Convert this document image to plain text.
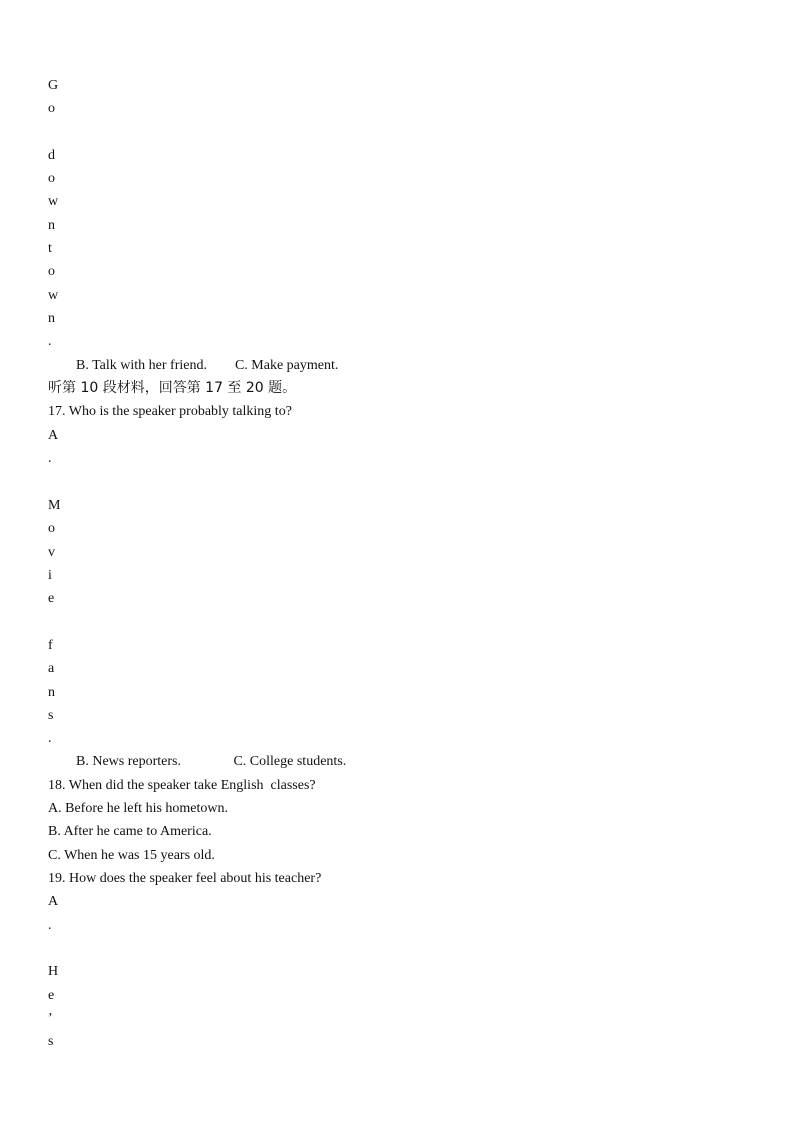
G
o
d
o
w
n
t
o
w
n
.
B. Talk with her friend.        C. Make payment.
听第 10 段材料，回答第 17 至 20 题。
17. Who is the speaker probably talking to?
A
.
M
o
v
i
e
f
a
n
s
.
B. News reporters.               C. College students.
18. When did the speaker take English  classes?
A. Before he left his hometown.
B. After he came to America.
C. When he was 15 years old.
19. How does the speaker feel about his teacher?
A
.
H
e
’
s
